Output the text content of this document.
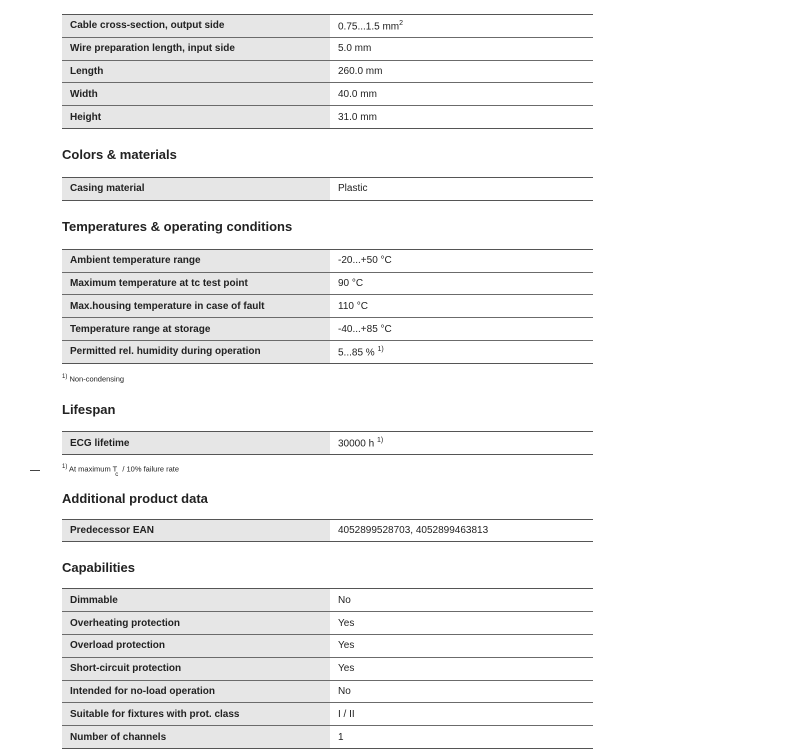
Cable cross-section, output side	0.75...1.5 $mm^2$
Wire preparation length, input side	5.0 mm
Length	260.0 mm
Width	40.0 mm
Height	31.0 mm
Colors & materials
Casing material	Plastic
Temperatures & operating conditions
Ambient temperature range	-20...+50 °C
Maximum temperature at tc test point	90 °C
Max.housing temperature in case of fault	110 °C
Temperature range at storage	-40...+85 °C
Permitted rel. humidity during operation	5...85 % $^{1)}$

$^{1)}$ Non-condensing

Lifespan
ECG lifetime	30000 h $^{1)}$

$^{1)}$ At maximum $T_c / 10\%$ failure rate

Additional product data
Predecessor EAN	4052899528703, 4052899463813
Capabilities
Dimmable	No
Overheating protection	Yes
Overload protection	Yes
Short-circuit protection	Yes
Intended for no-load operation	No
Suitable for fixtures with prot. class	I / II
Number of channels	1
